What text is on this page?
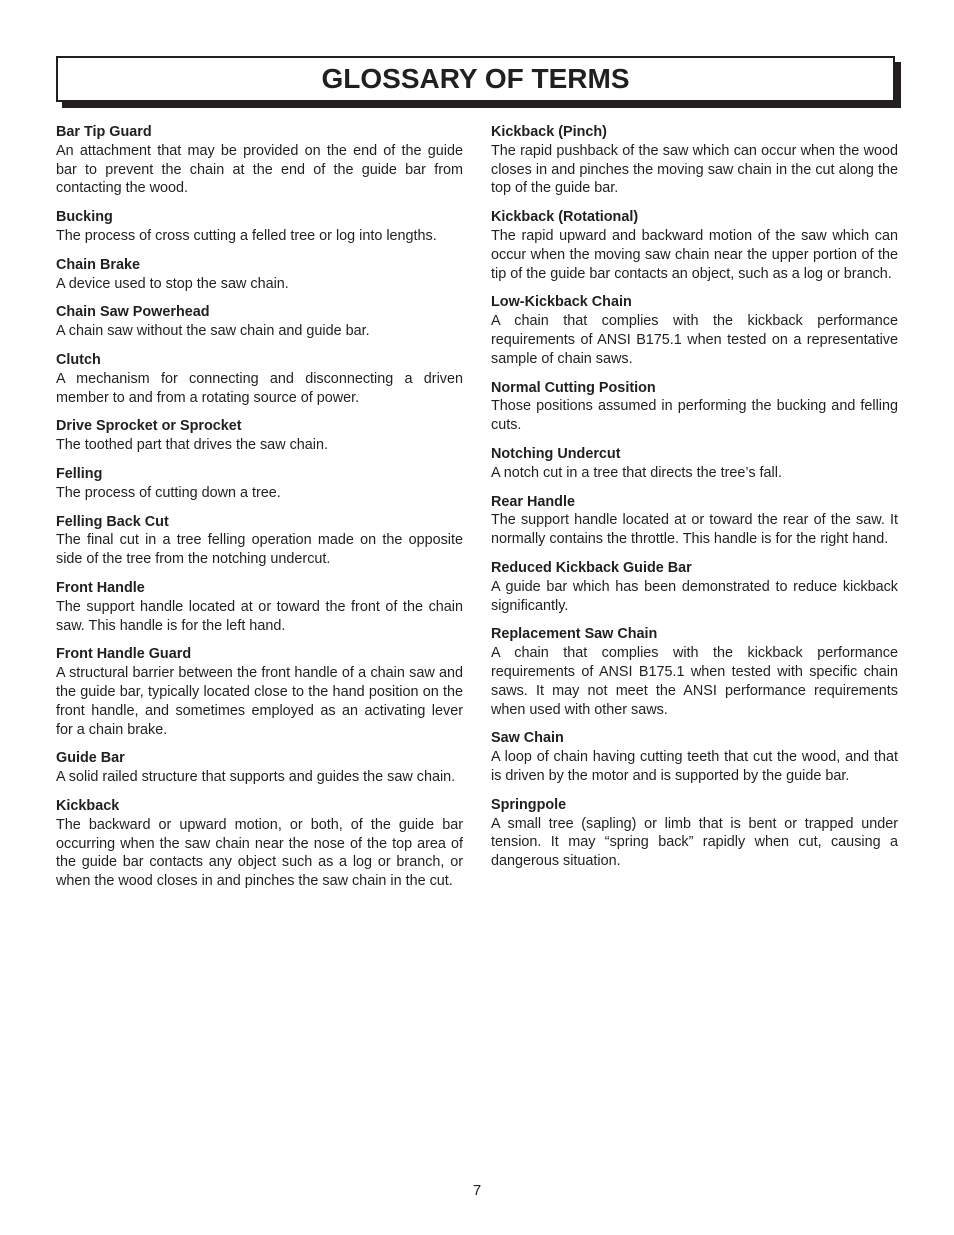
GLOSSARY OF TERMS
Bar Tip Guard
An attachment that may be provided on the end of the guide bar to prevent the chain at the end of the guide bar from contacting the wood.
Bucking
The process of cross cutting a felled tree or log into lengths.
Chain Brake
A device used to stop the saw chain.
Chain Saw Powerhead
A chain saw without the saw chain and guide bar.
Clutch
A mechanism for connecting and disconnecting a driven member to and from a rotating source of power.
Drive Sprocket or Sprocket
The toothed part that drives the saw chain.
Felling
The process of cutting down a tree.
Felling Back Cut
The final cut in a tree felling operation made on the opposite side of the tree from the notching undercut.
Front Handle
The support handle located at or toward the front of the chain saw. This handle is for the left hand.
Front Handle Guard
A structural barrier between the front handle of a chain saw and the guide bar, typically located close to the hand position on the front handle, and sometimes employed as an activating lever for a chain brake.
Guide Bar
A solid railed structure that supports and guides the saw chain.
Kickback
The backward or upward motion, or both, of the guide bar occurring when the saw chain near the nose of the top area of the guide bar contacts any object such as a log or branch, or when the wood closes in and pinches the saw chain in the cut.
Kickback (Pinch)
The rapid pushback of the saw which can occur when the wood closes in and pinches the moving saw chain in the cut along the top of the guide bar.
Kickback (Rotational)
The rapid upward and backward motion of the saw which can occur when the moving saw chain near the upper portion of the tip of the guide bar contacts an object, such as a log or branch.
Low-Kickback Chain
A chain that complies with the kickback performance requirements of ANSI B175.1 when tested on a representative sample of chain saws.
Normal Cutting Position
Those positions assumed in performing the bucking and felling cuts.
Notching Undercut
A notch cut in a tree that directs the tree’s fall.
Rear Handle
The support handle located at or toward the rear of the saw. It normally contains the throttle. This handle is for the right hand.
Reduced Kickback Guide Bar
A guide bar which has been demonstrated to reduce kickback significantly.
Replacement Saw Chain
A chain that complies with the kickback performance requirements of ANSI B175.1 when tested with specific chain saws. It may not meet the ANSI performance requirements when used with other saws.
Saw Chain
A loop of chain having cutting teeth that cut the wood, and that is driven by the motor and is supported by the guide bar.
Springpole
A small tree (sapling) or limb that is bent or trapped under tension. It may “spring back” rapidly when cut, causing a dangerous situation.
7
